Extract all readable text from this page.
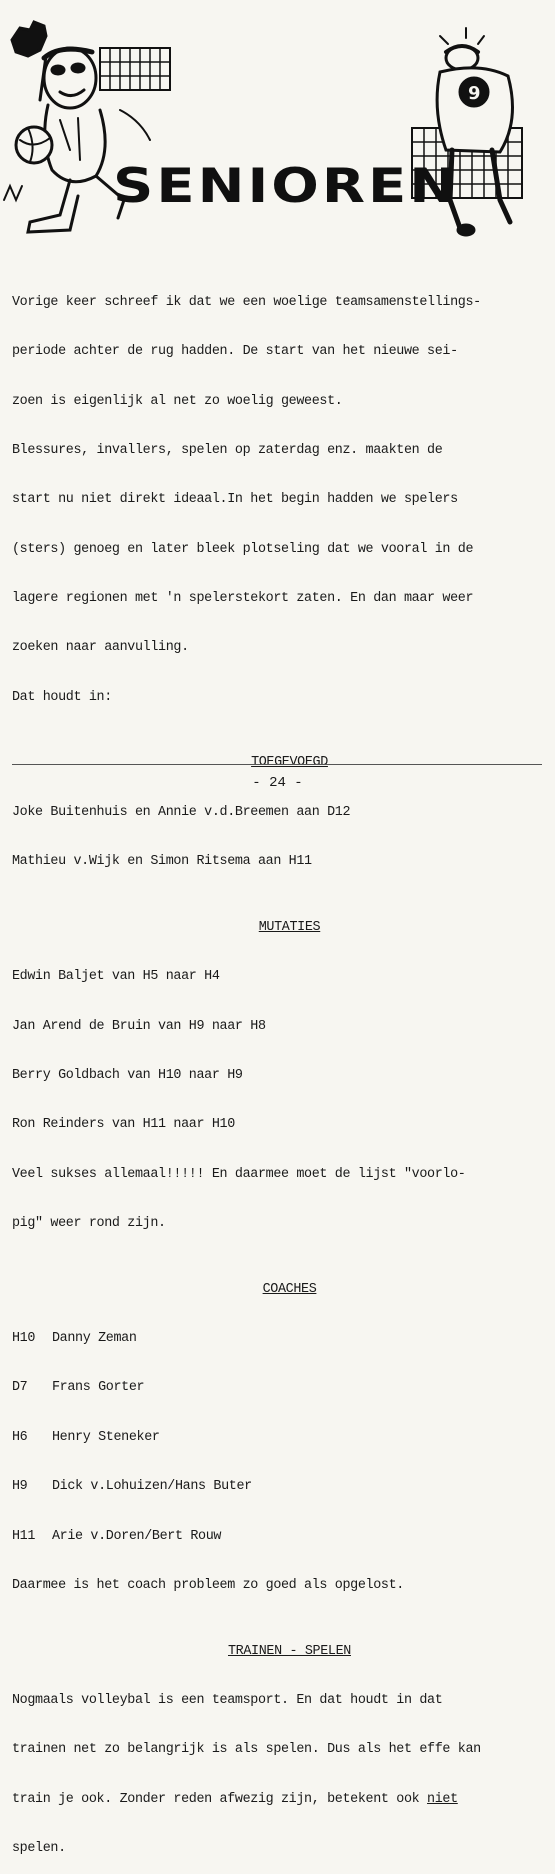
9
SENIOREN

Vorige keer schreef ik dat we een woelige teamsamenstellings-

periode achter de rug hadden. De start van het nieuwe sei-

zoen is eigenlijk al net zo woelig geweest.

Blessures, invallers, spelen op zaterdag enz. maakten de

start nu niet direkt ideaal.In het begin hadden we spelers

(sters) genoeg en later bleek plotseling dat we vooral in de

lagere regionen met 'n spelerstekort zaten. En dan maar weer

zoeken naar aanvulling.

Dat houdt in:

TOEGEVOEGD

Joke Buitenhuis en Annie v.d.Breemen aan D12

Mathieu v.Wijk en Simon Ritsema aan H11

MUTATIES

Edwin Baljet van H5 naar H4

Jan Arend de Bruin van H9 naar H8

Berry Goldbach van H10 naar H9

Ron Reinders van H11 naar H10

Veel sukses allemaal!!!!! En daarmee moet de lijst "voorlo-

pig" weer rond zijn.

COACHES

H10 Danny Zeman

D7 Frans Gorter

H6 Henry Steneker

H9 Dick v.Lohuizen/Hans Buter

H11 Arie v.Doren/Bert Rouw

Daarmee is het coach probleem zo goed als opgelost.

TRAINEN - SPELEN

Nogmaals volleybal is een teamsport. En dat houdt in dat

trainen net zo belangrijk is als spelen. Dus als het effe kan

train je ook. Zonder reden afwezig zijn, betekent ook niet

spelen.

- 24 -
